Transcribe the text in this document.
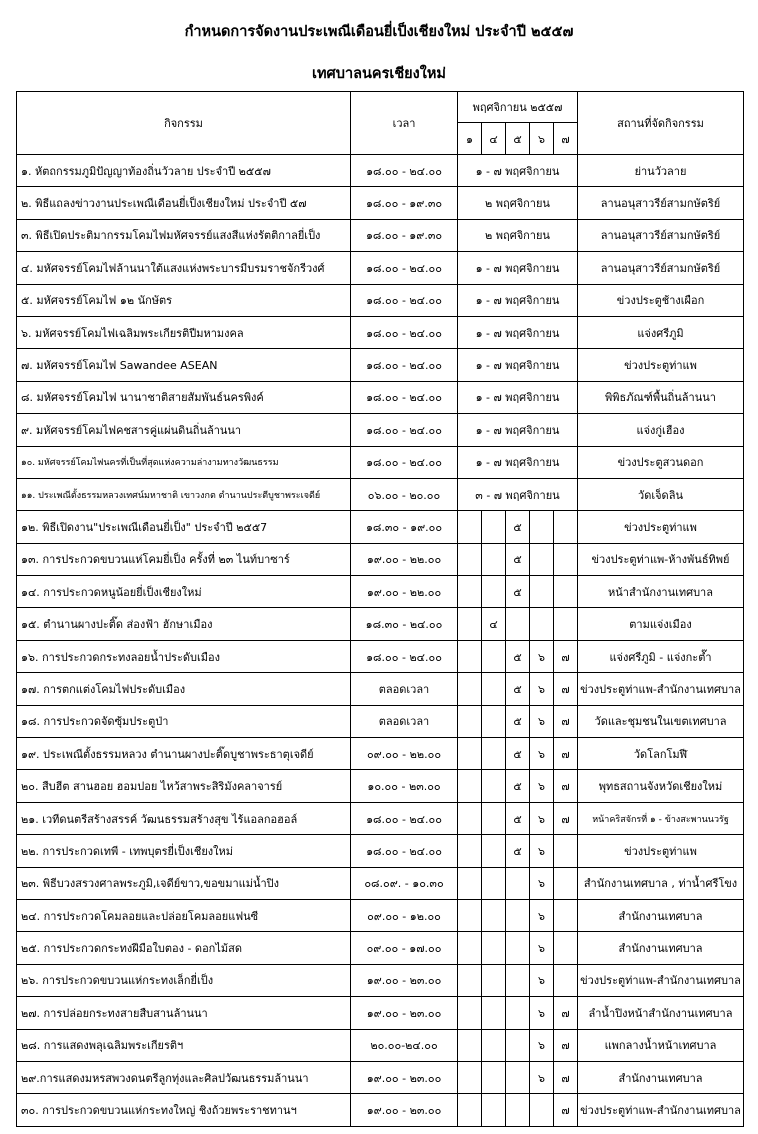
กำหนดการจัดงานประเพณีเดือนยี่เป็งเชียงใหม่ ประจำปี ๒๕๕๗
เทศบาลนครเชียงใหม่
กิจกรรม	เวลา	พฤศจิกายน ๒๕๕๗					สถานที่จัดกิจกรรม
		๑	๔	๕	๖	๗	
๑. หัตถกรรมภูมิปัญญาท้องถิ่นวัวลาย ประจำปี ๒๕๕๗	๑๘.๐๐ - ๒๔.๐๐	๑ - ๗ พฤศจิกายน					ย่านวัวลาย
๒. พิธีแถลงข่าวงานประเพณีเดือนยี่เป็งเชียงใหม่ ประจำปี ๕๗	๑๘.๐๐ - ๑๙.๓๐	๒ พฤศจิกายน					ลานอนุสาวรีย์สามกษัตริย์
๓. พิธีเปิดประติมากรรมโคมไฟมหัศจรรย์แสงสีแห่งรัตติกาลยี่เป็ง	๑๘.๐๐ - ๑๙.๓๐	๒ พฤศจิกายน					ลานอนุสาวรีย์สามกษัตริย์
๔. มหัศจรรย์โคมไฟล้านนาใต้แสงแห่งพระบารมีบรมราชจักรีวงศ์	๑๘.๐๐ - ๒๔.๐๐	๑ - ๗ พฤศจิกายน					ลานอนุสาวรีย์สามกษัตริย์
๕. มหัศจรรย์โคมไฟ ๑๒ นักษัตร	๑๘.๐๐ - ๒๔.๐๐	๑ - ๗ พฤศจิกายน					ข่วงประตูช้างเผือก
๖. มหัศจรรย์โคมไฟเฉลิมพระเกียรติปีมหามงคล	๑๘.๐๐ - ๒๔.๐๐	๑ - ๗ พฤศจิกายน					แจ่งศรีภูมิ
๗. มหัศจรรย์โคมไฟ Sawandee ASEAN	๑๘.๐๐ - ๒๔.๐๐	๑ - ๗ พฤศจิกายน					ข่วงประตูท่าแพ
๘. มหัศจรรย์โคมไฟ นานาชาติสายสัมพันธ์นครพิงค์	๑๘.๐๐ - ๒๔.๐๐	๑ - ๗ พฤศจิกายน					พิพิธภัณฑ์พื้นถิ่นล้านนา
๙. มหัศจรรย์โคมไฟคชสารคู่แผ่นดินถิ่นล้านนา	๑๘.๐๐ - ๒๔.๐๐	๑ - ๗ พฤศจิกายน					แจ่งกู่เฮือง
๑๐. มหัศจรรย์โคมไฟนครที่เป็นที่สุดแห่งความล่างามทางวัฒนธรรม	๑๘.๐๐ - ๒๔.๐๐	๑ - ๗ พฤศจิกายน					ข่วงประตูสวนดอก
๑๑. ประเพณีตั้งธรรมหลวงเทศน์มหาชาติ เขาวงกต ตำนานประตีบูชาพระเจดีย์	๐๖.๐๐ - ๒๐.๐๐	๓ - ๗ พฤศจิกายน					วัดเจ็ดลิน
๑๒. พิธีเปิดงาน"ประเพณีเดือนยี่เป็ง" ประจำปี ๒๕๕7	๑๘.๓๐ - ๑๙.๐๐			๕			ข่วงประตูท่าแพ
๑๓. การประกวดขบวนแห่โคมยี่เป็ง ครั้งที่ ๒๓ ไนท์บาซาร์	๑๙.๐๐ - ๒๒.๐๐			๕			ข่วงประตูท่าแพ-ห้างพันธ์ทิพย์
๑๔. การประกวดหนูน้อยยี่เป็งเชียงใหม่	๑๙.๐๐ - ๒๒.๐๐			๕			หน้าสำนักงานเทศบาล
๑๕. ตำนานผางปะติ๊ด ส่องฟ้า ฮักษาเมือง	๑๘.๓๐ - ๒๔.๐๐		๔				ตามแจ่งเมือง
๑๖. การประกวดกระทงลอยน้ำประดับเมือง	๑๘.๐๐ - ๒๔.๐๐			๕	๖	๗	แจ่งศรีภูมิ - แจ่งกะต๊ำ
๑๗. การตกแต่งโคมไฟประดับเมือง	ตลอดเวลา			๕	๖	๗	ข่วงประตูท่าแพ-สำนักงานเทศบาล
๑๘. การประกวดจัดซุ้มประตูป่า	ตลอดเวลา			๕	๖	๗	วัดและชุมชนในเขตเทศบาล
๑๙. ประเพณีตั้งธรรมหลวง ตำนานผางปะติ๊ดบูชาพระธาตุเจดีย์	๐๙.๐๐ - ๒๒.๐๐			๕	๖	๗	วัดโลกโมฬี
๒๐. สืบฮีต สานฮอย ฮอมปอย ไหว้สาพระสิริมังคลาจารย์	๑๐.๐๐ - ๒๓.๐๐			๕	๖	๗	พุทธสถานจังหวัดเชียงใหม่
๒๑. เวทีดนตรีสร้างสรรค์ วัฒนธรรมสร้างสุข ไร้แอลกอฮอล์	๑๘.๐๐ - ๒๔.๐๐			๕	๖	๗	หน้าคริสจักรที่ ๑ - ข้างสะพานนวรัฐ
๒๒. การประกวดเทพี - เทพบุตรยี่เป็งเชียงใหม่	๑๘.๐๐ - ๒๔.๐๐			๕	๖		ข่วงประตูท่าแพ
๒๓. พิธีบวงสรวงศาลพระภูมิ,เจดีย์ขาว,ขอขมาแม่น้ำปิง	๐๘.๐๙. - ๑๐.๓๐				๖		สำนักงานเทศบาล , ท่าน้ำศรีโขง
๒๔. การประกวดโคมลอยและปล่อยโคมลอยแฟนซี	๐๙.๐๐ - ๑๒.๐๐				๖		สำนักงานเทศบาล
๒๕. การประกวดกระทงฝีมือใบตอง - ดอกไม้สด	๐๙.๐๐ - ๑๗.๐๐				๖		สำนักงานเทศบาล
๒๖. การประกวดขบวนแห่กระทงเล็กยี่เป็ง	๑๙.๐๐ - ๒๓.๐๐				๖		ข่วงประตูท่าแพ-สำนักงานเทศบาล
๒๗. การปล่อยกระทงสายสืบสานล้านนา	๑๙.๐๐ - ๒๓.๐๐				๖	๗	ลำน้ำปิงหน้าสำนักงานเทศบาล
๒๘. การแสดงพลุเฉลิมพระเกียรติฯ	๒๐.๐๐-๒๔.๐๐				๖	๗	แพกลางน้ำหน้าเทศบาล
๒๙.การแสดงมหรสพวงดนตรีลูกทุ่งและศิลปวัฒนธรรมล้านนา	๑๙.๐๐ - ๒๓.๐๐				๖	๗	สำนักงานเทศบาล
๓๐. การประกวดขบวนแห่กระทงใหญ่ ชิงถ้วยพระราชทานฯ	๑๙.๐๐ - ๒๓.๐๐					๗	ข่วงประตูท่าแพ-สำนักงานเทศบาล
